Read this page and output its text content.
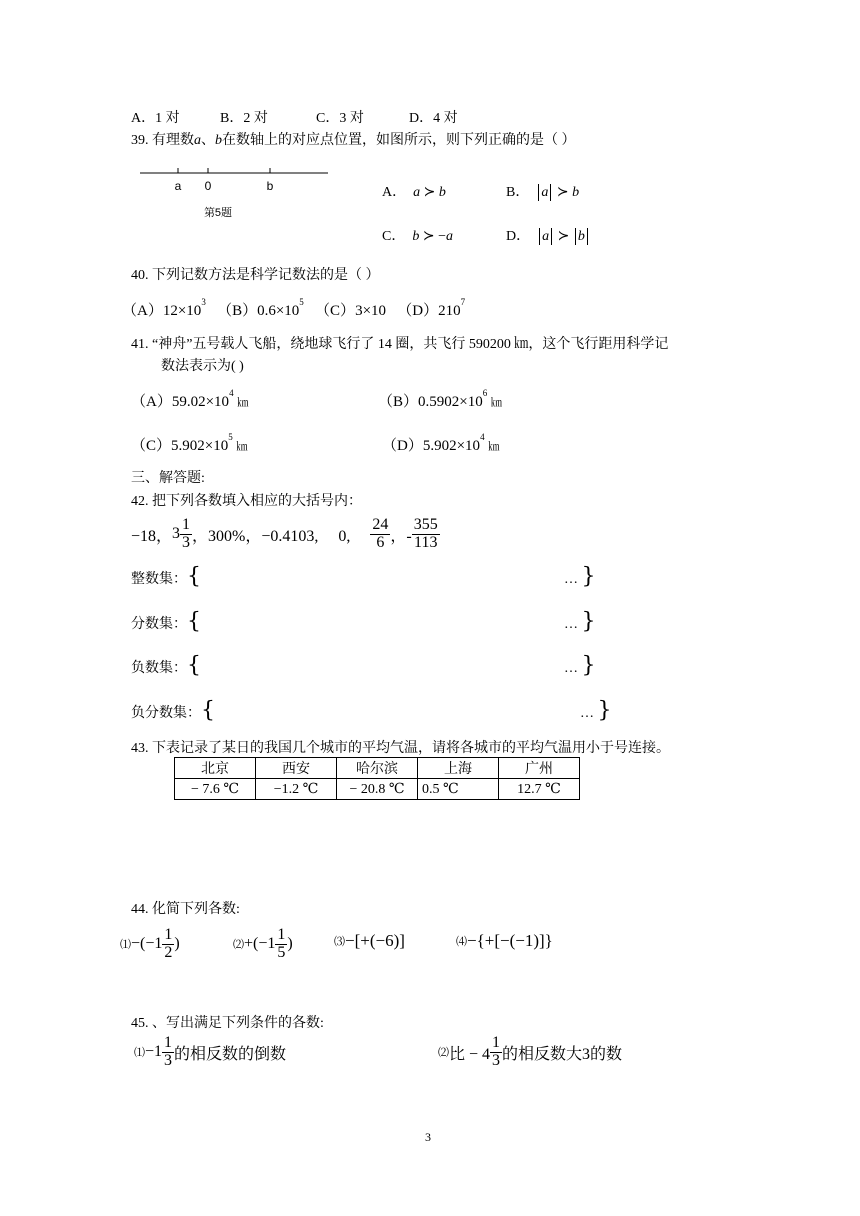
A．1 对	B．2 对	C．3 对	D．4 对
39. 有理数a、b在数轴上的对应点位置，如图所示，则下列正确的是（ ）
a 0	b
第5题
A． a ≻ b	B． a ≻ b
C． b ≻ −a	D． a ≻ b
40. 下列记数方法是科学记数法的是（ ）
$(A)12\times 10^3$   $(B)0.6\times 10^5$   （C）3×10 $(D)210^7$
41. “神舟”五号载人飞船，绕地球飞行了 14 圈，共飞行 590200 ㎞，这个飞行距用科学记
数法表示为( )
$(A)59.02\times 10^4$ ㎞	$(B)0.5902\times 10^6$ ㎞
$(C)5.902\times 10^5$ ㎞	$(D)5.902\times 10^4$ ㎞
三、解答题:
42. 把下列各数填入相应的大括号内：
−18， $3 \frac{1}{3}$ ，300%，−0.4103,     0, $\frac{24}{6}$ ，- $\frac{355}{113}$
整数集：{	… }
分数集：{	… }
负数集：{	… }
负分数集：{	… }
43. 下表记录了某日的我国几个城市的平均气温，请将各城市的平均气温用小于号连接。
北京	西安	哈尔滨	上海	广州
− 7.6 ℃	−1.2 ℃	− 20.8 ℃	0.5 ℃	12.7 ℃
44. 化简下列各数:
⑴ $-(-1 \frac{1}{2}$ )	⑵ $+(-1 \frac{1}{5}$ )	⑶ −[+(−6)]	⑷ −{+[−(−1)]}
45. 、写出满足下列条件的各数:
⑴ $-1 \frac{1}{3}$ 的相反数的倒数	⑵ 比 − $4 \frac{1}{3}$ 的相反数大3的数
3
